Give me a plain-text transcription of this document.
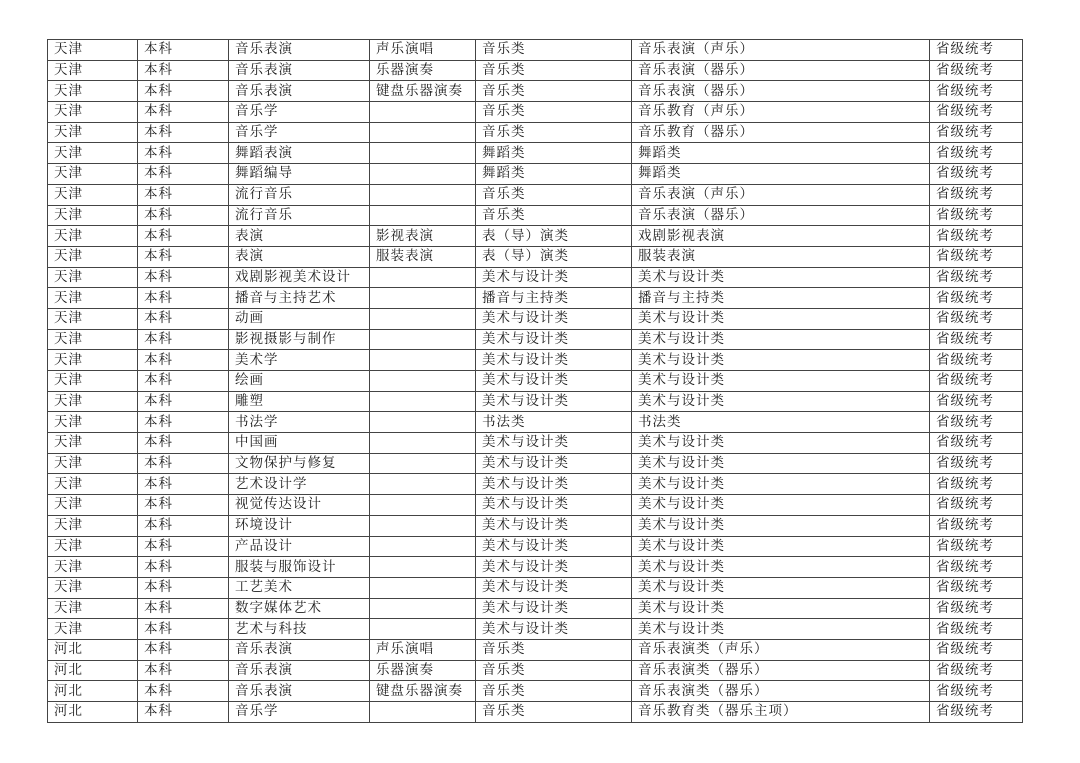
天津	本科	音乐表演	声乐演唱	音乐类	音乐表演（声乐）	省级统考
天津	本科	音乐表演	乐器演奏	音乐类	音乐表演（器乐）	省级统考
天津	本科	音乐表演	键盘乐器演奏	音乐类	音乐表演（器乐）	省级统考
天津	本科	音乐学		音乐类	音乐教育（声乐）	省级统考
天津	本科	音乐学		音乐类	音乐教育（器乐）	省级统考
天津	本科	舞蹈表演		舞蹈类	舞蹈类	省级统考
天津	本科	舞蹈编导		舞蹈类	舞蹈类	省级统考
天津	本科	流行音乐		音乐类	音乐表演（声乐）	省级统考
天津	本科	流行音乐		音乐类	音乐表演（器乐）	省级统考
天津	本科	表演	影视表演	表（导）演类	戏剧影视表演	省级统考
天津	本科	表演	服装表演	表（导）演类	服装表演	省级统考
天津	本科	戏剧影视美术设计		美术与设计类	美术与设计类	省级统考
天津	本科	播音与主持艺术		播音与主持类	播音与主持类	省级统考
天津	本科	动画		美术与设计类	美术与设计类	省级统考
天津	本科	影视摄影与制作		美术与设计类	美术与设计类	省级统考
天津	本科	美术学		美术与设计类	美术与设计类	省级统考
天津	本科	绘画		美术与设计类	美术与设计类	省级统考
天津	本科	雕塑		美术与设计类	美术与设计类	省级统考
天津	本科	书法学		书法类	书法类	省级统考
天津	本科	中国画		美术与设计类	美术与设计类	省级统考
天津	本科	文物保护与修复		美术与设计类	美术与设计类	省级统考
天津	本科	艺术设计学		美术与设计类	美术与设计类	省级统考
天津	本科	视觉传达设计		美术与设计类	美术与设计类	省级统考
天津	本科	环境设计		美术与设计类	美术与设计类	省级统考
天津	本科	产品设计		美术与设计类	美术与设计类	省级统考
天津	本科	服装与服饰设计		美术与设计类	美术与设计类	省级统考
天津	本科	工艺美术		美术与设计类	美术与设计类	省级统考
天津	本科	数字媒体艺术		美术与设计类	美术与设计类	省级统考
天津	本科	艺术与科技		美术与设计类	美术与设计类	省级统考
河北	本科	音乐表演	声乐演唱	音乐类	音乐表演类（声乐）	省级统考
河北	本科	音乐表演	乐器演奏	音乐类	音乐表演类（器乐）	省级统考
河北	本科	音乐表演	键盘乐器演奏	音乐类	音乐表演类（器乐）	省级统考
河北	本科	音乐学		音乐类	音乐教育类（器乐主项）	省级统考
